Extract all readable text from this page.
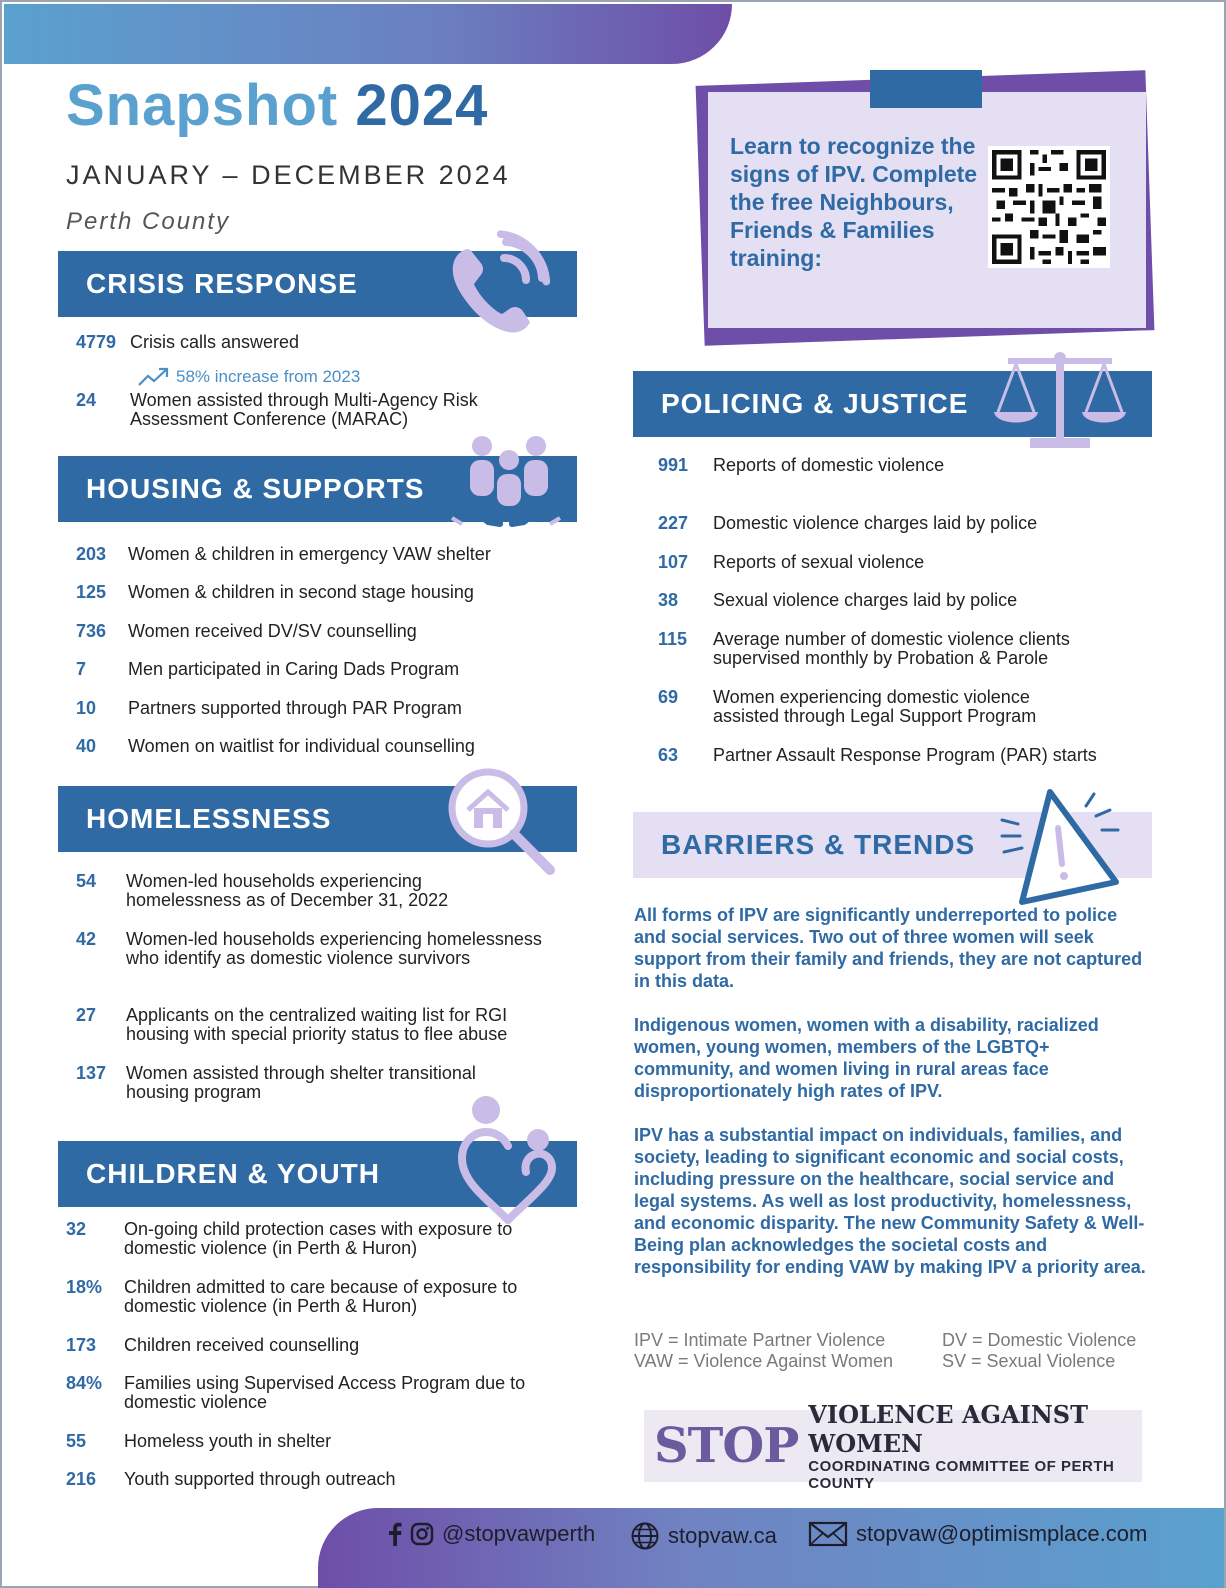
Snapshot 2024
JANUARY – DECEMBER 2024
Perth County
CRISIS RESPONSE
4779 Crisis calls answered
58% increase from 2023
24	Women assisted through Multi-Agency Risk Assessment Conference (MARAC)
HOUSING & SUPPORTS
203	Women & children in emergency VAW shelter
125	Women & children in second stage housing
736	Women received DV/SV counselling
7	Men participated in Caring Dads Program
10	Partners supported through PAR Program
40	Women on waitlist for individual counselling
HOMELESSNESS
54	Women-led households experiencing homelessness as of December 31, 2022
42	Women-led households experiencing homelessness who identify as domestic violence survivors
27	Applicants on the centralized waiting list for RGI housing with special priority status to flee abuse
137	Women assisted through shelter transitional housing program
CHILDREN & YOUTH
32	On-going child protection cases with exposure to domestic violence (in Perth & Huron)
18%	Children admitted to care because of exposure to domestic violence (in Perth & Huron)
173	Children received counselling
84%	Families using Supervised Access Program due to domestic violence
55	Homeless youth in shelter
216	Youth supported through outreach
Learn to recognize the signs of IPV. Complete the free Neighbours, Friends & Families training:
POLICING & JUSTICE
991	Reports of domestic violence
227	Domestic violence charges laid by police
107	Reports of sexual violence
38	Sexual violence charges laid by police
115	Average number of domestic violence clients supervised monthly by Probation & Parole
69	Women experiencing domestic violence assisted through Legal Support Program
63	Partner Assault Response Program (PAR) starts
BARRIERS & TRENDS

All forms of IPV are significantly underreported to police and social services. Two out of three women will seek support from their family and friends, they are not captured in this data.

Indigenous women, women with a disability, racialized women, young women, members of the LGBTQ+ community, and women living in rural areas face disproportionately high rates of IPV.

IPV has a substantial impact on individuals, families, and society, leading to significant economic and social costs, including pressure on the healthcare, social service and legal systems. As well as lost productivity, homelessness, and economic disparity. The new Community Safety & Well-Being plan acknowledges the societal costs and responsibility for ending VAW by making IPV a priority area.

IPV = Intimate Partner Violence
VAW = Violence Against Women
DV = Domestic Violence
SV = Sexual Violence
STOP
VIOLENCE AGAINST WOMEN
COORDINATING COMMITTEE OF PERTH COUNTY
@stopvawperth	stopvaw.ca	stopvaw@optimismplace.com
